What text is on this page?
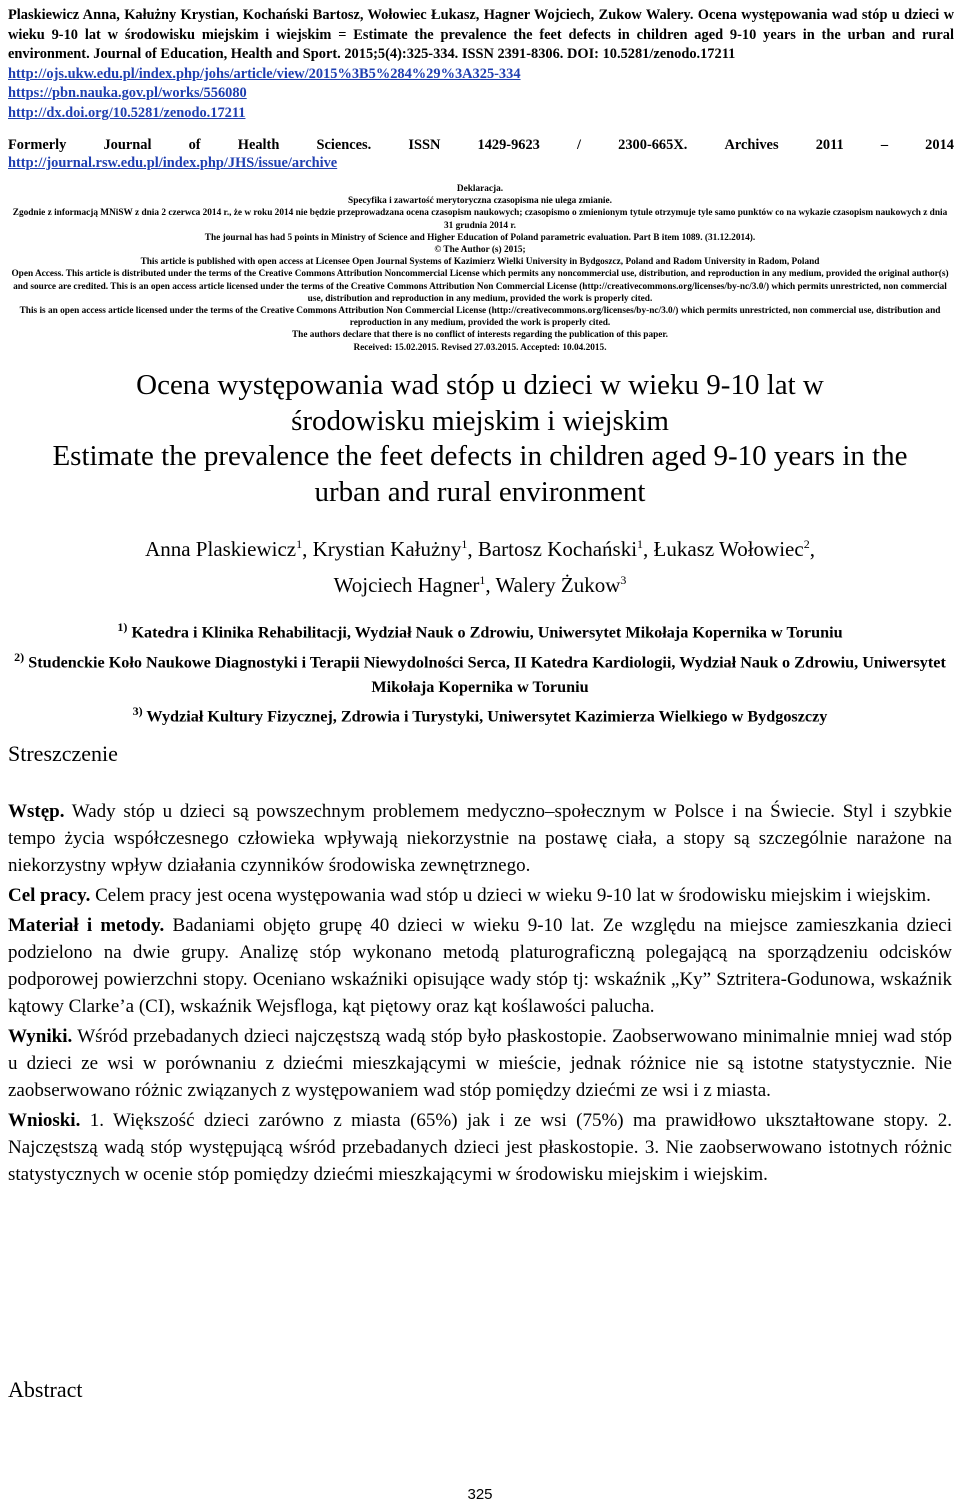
Plaskiewicz Anna, Kałużny Krystian, Kochański Bartosz, Wołowiec Łukasz, Hagner Wojciech, Zukow Walery. Ocena występowania wad stóp u dzieci w wieku 9-10 lat w środowisku miejskim i wiejskim = Estimate the prevalence the feet defects in children aged 9-10 years in the urban and rural environment. Journal of Education, Health and Sport. 2015;5(4):325-334. ISSN 2391-8306. DOI: 10.5281/zenodo.17211
http://ojs.ukw.edu.pl/index.php/johs/article/view/2015%3B5%284%29%3A325-334
https://pbn.nauka.gov.pl/works/556080
http://dx.doi.org/10.5281/zenodo.17211
Formerly	Journal	of	Health	Sciences.	ISSN	1429-9623	/	2300-665X.	Archives	2011	–	2014
http://journal.rsw.edu.pl/index.php/JHS/issue/archive
Deklaracja.
Specyfika i zawartość merytoryczna czasopisma nie ulega zmianie.
Zgodnie z informacją MNiSW z dnia 2 czerwca 2014 r., że w roku 2014 nie będzie przeprowadzana ocena czasopism naukowych; czasopismo o zmienionym tytule otrzymuje tyle samo punktów co na wykazie czasopism naukowych z dnia 31 grudnia 2014 r.
The journal has had 5 points in Ministry of Science and Higher Education of Poland parametric evaluation. Part B item 1089. (31.12.2014).
© The Author (s) 2015;
This article is published with open access at Licensee Open Journal Systems of Kazimierz Wielki University in Bydgoszcz, Poland and Radom University in Radom, Poland
Open Access. This article is distributed under the terms of the Creative Commons Attribution Noncommercial License which permits any noncommercial use, distribution, and reproduction in any medium, provided the original author(s) and source are credited. This is an open access article licensed under the terms of the Creative Commons Attribution Non Commercial License (http://creativecommons.org/licenses/by-nc/3.0/) which permits unrestricted, non commercial use, distribution and reproduction in any medium, provided the work is properly cited.
This is an open access article licensed under the terms of the Creative Commons Attribution Non Commercial License (http://creativecommons.org/licenses/by-nc/3.0/) which permits unrestricted, non commercial use, distribution and reproduction in any medium, provided the work is properly cited.
The authors declare that there is no conflict of interests regarding the publication of this paper.
Received: 15.02.2015. Revised 27.03.2015. Accepted: 10.04.2015.
Ocena występowania wad stóp u dzieci w wieku 9-10 lat w środowisku miejskim i wiejskim
Estimate the prevalence the feet defects in children aged 9-10 years in the urban and rural environment
Anna Plaskiewicz$^1$, Krystian Kałużny$^1$, Bartosz Kochański$^1$, Łukasz Wołowiec$^2$,
Wojciech Hagner$^1$, Walery Żukow$^3$
$^{1)}$ Katedra i Klinika Rehabilitacji, Wydział Nauk o Zdrowiu, Uniwersytet Mikołaja Kopernika w Toruniu
$^{2)}$ Studenckie Koło Naukowe Diagnostyki i Terapii Niewydolności Serca, II Katedra Kardiologii, Wydział Nauk o Zdrowiu, Uniwersytet Mikołaja Kopernika w Toruniu
$^{3)}$ Wydział Kultury Fizycznej, Zdrowia i Turystyki, Uniwersytet Kazimierza Wielkiego w Bydgoszczy
Streszczenie

Wstęp. Wady stóp u dzieci są powszechnym problemem medyczno–społecznym w Polsce i na Świecie. Styl i szybkie tempo życia współczesnego człowieka wpływają niekorzystnie na postawę ciała, a stopy są szczególnie narażone na niekorzystny wpływ działania czynników środowiska zewnętrznego.

Cel pracy. Celem pracy jest ocena występowania wad stóp u dzieci w wieku 9-10 lat w środowisku miejskim i wiejskim.

Materiał i metody. Badaniami objęto grupę 40 dzieci w wieku 9-10 lat. Ze względu na miejsce zamieszkania dzieci podzielono na dwie grupy. Analizę stóp wykonano metodą platurograficzną polegającą na sporządzeniu odcisków podporowej powierzchni stopy. Oceniano wskaźniki opisujące wady stóp tj: wskaźnik „Ky” Sztritera-Godunowa, wskaźnik kątowy Clarke’a (CI), wskaźnik Wejsfloga, kąt piętowy oraz kąt koślawości palucha.

Wyniki. Wśród przebadanych dzieci najczęstszą wadą stóp było płaskostopie. Zaobserwowano minimalnie mniej wad stóp u dzieci ze wsi w porównaniu z dziećmi mieszkającymi w mieście, jednak różnice nie są istotne statystycznie. Nie zaobserwowano różnic związanych z występowaniem wad stóp pomiędzy dziećmi ze wsi i z miasta.

Wnioski. 1. Większość dzieci zarówno z miasta (65%) jak i ze wsi (75%) ma prawidłowo ukształtowane stopy. 2. Najczęstszą wadą stóp występującą wśród przebadanych dzieci jest płaskostopie. 3. Nie zaobserwowano istotnych różnic statystycznych w ocenie stóp pomiędzy dziećmi mieszkającymi w środowisku miejskim i wiejskim.

Abstract
325
